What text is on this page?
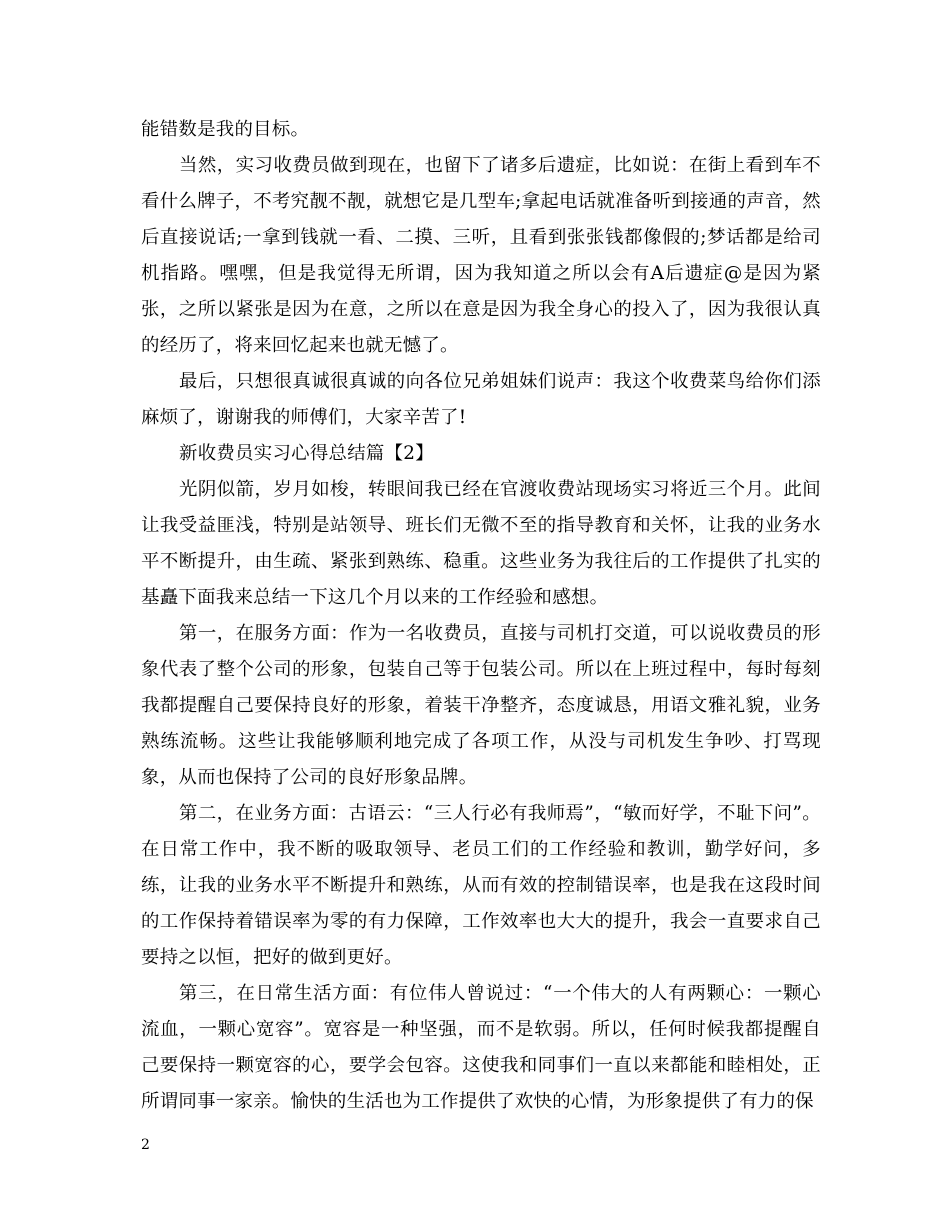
能错数是我的目标。

当然，实习收费员做到现在，也留下了诸多后遗症，比如说：在街上看到车不看什么牌子，不考究靓不靓，就想它是几型车;拿起电话就准备听到接通的声音，然后直接说话;一拿到钱就一看、二摸、三听，且看到张张钱都像假的;梦话都是给司机指路。嘿嘿，但是我觉得无所谓，因为我知道之所以会有A后遗症@是因为紧张，之所以紧张是因为在意，之所以在意是因为我全身心的投入了，因为我很认真的经历了，将来回忆起来也就无憾了。

最后，只想很真诚很真诚的向各位兄弟姐妹们说声：我这个收费菜鸟给你们添麻烦了，谢谢我的师傅们，大家辛苦了!

新收费员实习心得总结篇【2】

光阴似箭，岁月如梭，转眼间我已经在官渡收费站现场实习将近三个月。此间让我受益匪浅，特别是站领导、班长们无微不至的指导教育和关怀，让我的业务水平不断提升，由生疏、紧张到熟练、稳重。这些业务为我往后的工作提供了扎实的基矗下面我来总结一下这几个月以来的工作经验和感想。

第一，在服务方面：作为一名收费员，直接与司机打交道，可以说收费员的形象代表了整个公司的形象，包装自己等于包装公司。所以在上班过程中，每时每刻我都提醒自己要保持良好的形象，着装干净整齐，态度诚恳，用语文雅礼貌，业务熟练流畅。这些让我能够顺利地完成了各项工作，从没与司机发生争吵、打骂现象，从而也保持了公司的良好形象品牌。

第二，在业务方面：古语云：“三人行必有我师焉”，“敏而好学，不耻下问”。在日常工作中，我不断的吸取领导、老员工们的工作经验和教训，勤学好问，多练，让我的业务水平不断提升和熟练，从而有效的控制错误率，也是我在这段时间的工作保持着错误率为零的有力保障，工作效率也大大的提升，我会一直要求自己要持之以恒，把好的做到更好。

第三，在日常生活方面：有位伟人曾说过：“一个伟大的人有两颗心：一颗心流血，一颗心宽容”。宽容是一种坚强，而不是软弱。所以，任何时候我都提醒自己要保持一颗宽容的心，要学会包容。这使我和同事们一直以来都能和睦相处，正所谓同事一家亲。愉快的生活也为工作提供了欢快的心情，为形象提供了有力的保

2
